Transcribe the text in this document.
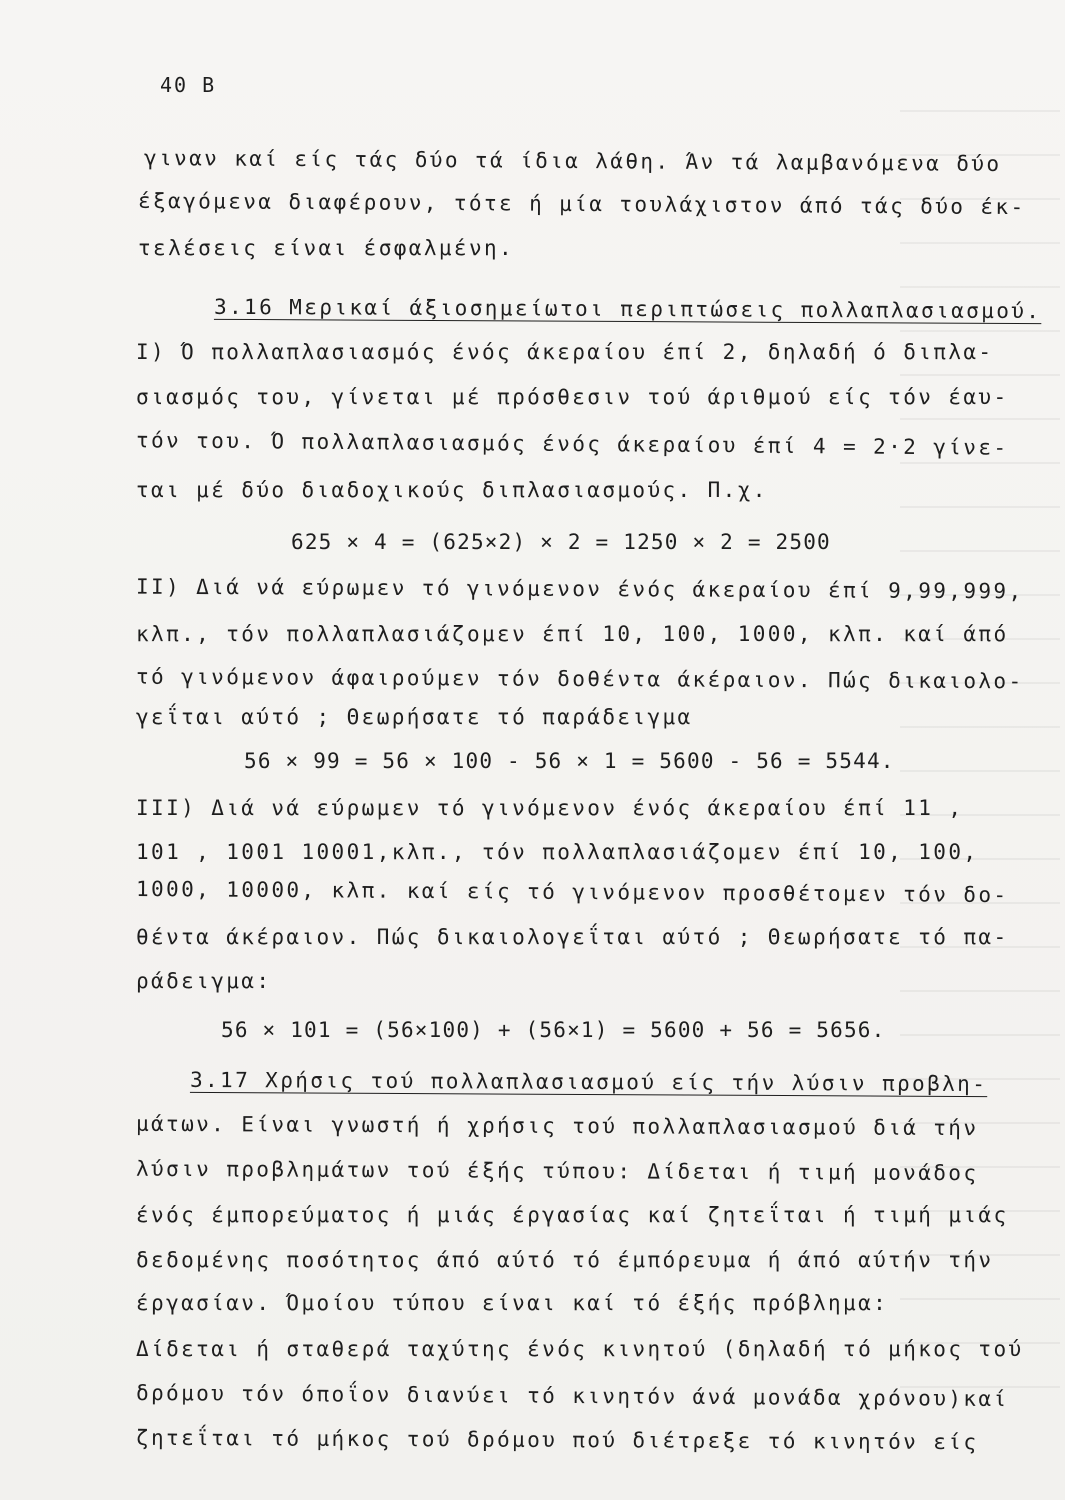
40 B
γιναν καί είς τάς δύο τά ίδια λάθη. Άν τά λαμβανόμενα δύο
έξαγόμενα διαφέρουν, τότε ή μία τουλάχιστον άπό τάς δύο έκ-
τελέσεις είναι έσφαλμένη.
3.16 Μερικαί άξιοσημείωτοι περιπτώσεις πολλαπλασιασμού.
I) Ό πολλαπλασιασμός ένός άκεραίου έπί 2, δηλαδή ό διπλα-
σιασμός του, γίνεται μέ πρόσθεσιν τού άριθμού είς τόν έαυ-
τόν του. Ό πολλαπλασιασμός ένός άκεραίου έπί 4 = 2·2 γίνε-
ται μέ δύο διαδοχικούς διπλασιασμούς. Π.χ.
625 × 4 = (625×2) × 2 = 1250 × 2 = 2500
II) Διά νά εύρωμεν τό γινόμενον ένός άκεραίου έπί 9,99,999,
κλπ., τόν πολλαπλασιάζομεν έπί 10, 100, 1000, κλπ. καί άπό
τό γινόμενον άφαιρούμεν τόν δοθέντα άκέραιον. Πώς δικαιολο-
γεΐται αύτό ; Θεωρήσατε τό παράδειγμα
56 × 99 = 56 × 100 - 56 × 1 = 5600 - 56 = 5544.
III) Διά νά εύρωμεν τό γινόμενον ένός άκεραίου έπί 11 ,
101 , 1001 10001,κλπ., τόν πολλαπλασιάζομεν έπί 10, 100,
1000, 10000, κλπ. καί είς τό γινόμενον προσθέτομεν τόν δο-
θέντα άκέραιον. Πώς δικαιολογεΐται αύτό ; Θεωρήσατε τό πα-
ράδειγμα:
56 × 101 = (56×100) + (56×1) = 5600 + 56 = 5656.
3.17 Χρήσις τού πολλαπλασιασμού είς τήν λύσιν προβλη-
μάτων. Είναι γνωστή ή χρήσις τού πολλαπλασιασμού διά τήν
λύσιν προβλημάτων τού έξής τύπου: Δίδεται ή τιμή μονάδος
ένός έμπορεύματος ή μιάς έργασίας καί ζητεΐται ή τιμή μιάς
δεδομένης ποσότητος άπό αύτό τό έμπόρευμα ή άπό αύτήν τήν
έργασίαν. Όμοίου τύπου είναι καί τό έξής πρόβλημα:
Δίδεται ή σταθερά ταχύτης ένός κινητού (δηλαδή τό μήκος τού
δρόμου τόν όποΐον διανύει τό κινητόν άνά μονάδα χρόνου)καί
ζητεΐται τό μήκος τού δρόμου πού διέτρεξε τό κινητόν είς
